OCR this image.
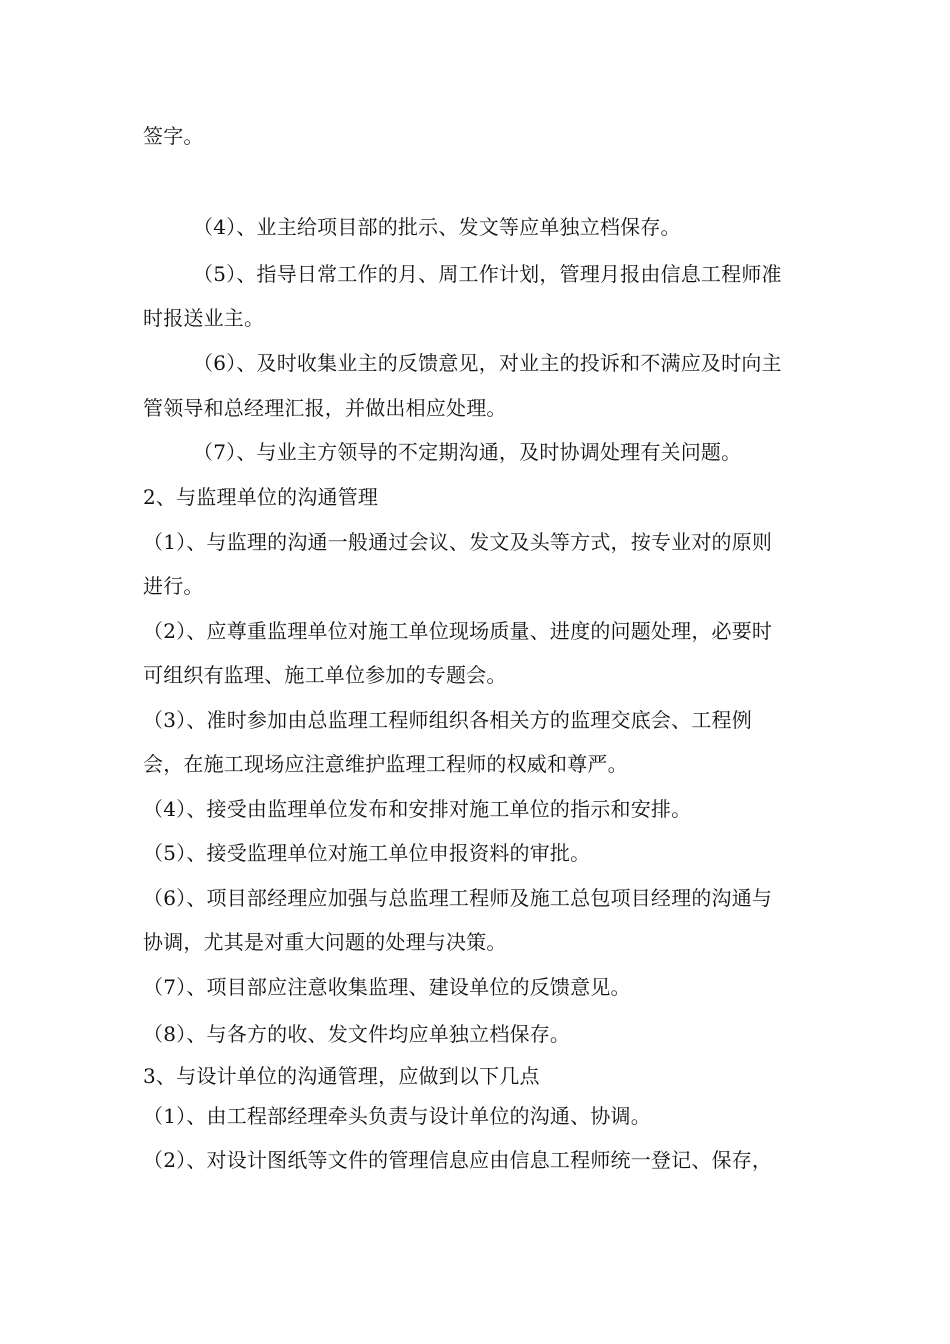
签字。
（4）、业主给项目部的批示、发文等应单独立档保存。
（5）、指导日常工作的月、周工作计划，管理月报由信息工程师准
时报送业主。
（6）、及时收集业主的反馈意见，对业主的投诉和不满应及时向主
管领导和总经理汇报，并做出相应处理。
（7）、与业主方领导的不定期沟通，及时协调处理有关问题。
2、与监理单位的沟通管理
（1）、与监理的沟通一般通过会议、发文及头等方式，按专业对的原则
进行。
（2）、应尊重监理单位对施工单位现场质量、进度的问题处理，必要时
可组织有监理、施工单位参加的专题会。
（3）、准时参加由总监理工程师组织各相关方的监理交底会、工程例
会，在施工现场应注意维护监理工程师的权威和尊严。
（4）、接受由监理单位发布和安排对施工单位的指示和安排。
（5）、接受监理单位对施工单位申报资料的审批。
（6）、项目部经理应加强与总监理工程师及施工总包项目经理的沟通与
协调，尤其是对重大问题的处理与决策。
（7）、项目部应注意收集监理、建设单位的反馈意见。
（8）、与各方的收、发文件均应单独立档保存。
3、与设计单位的沟通管理，应做到以下几点
（1）、由工程部经理牵头负责与设计单位的沟通、协调。
（2）、对设计图纸等文件的管理信息应由信息工程师统一登记、保存，
